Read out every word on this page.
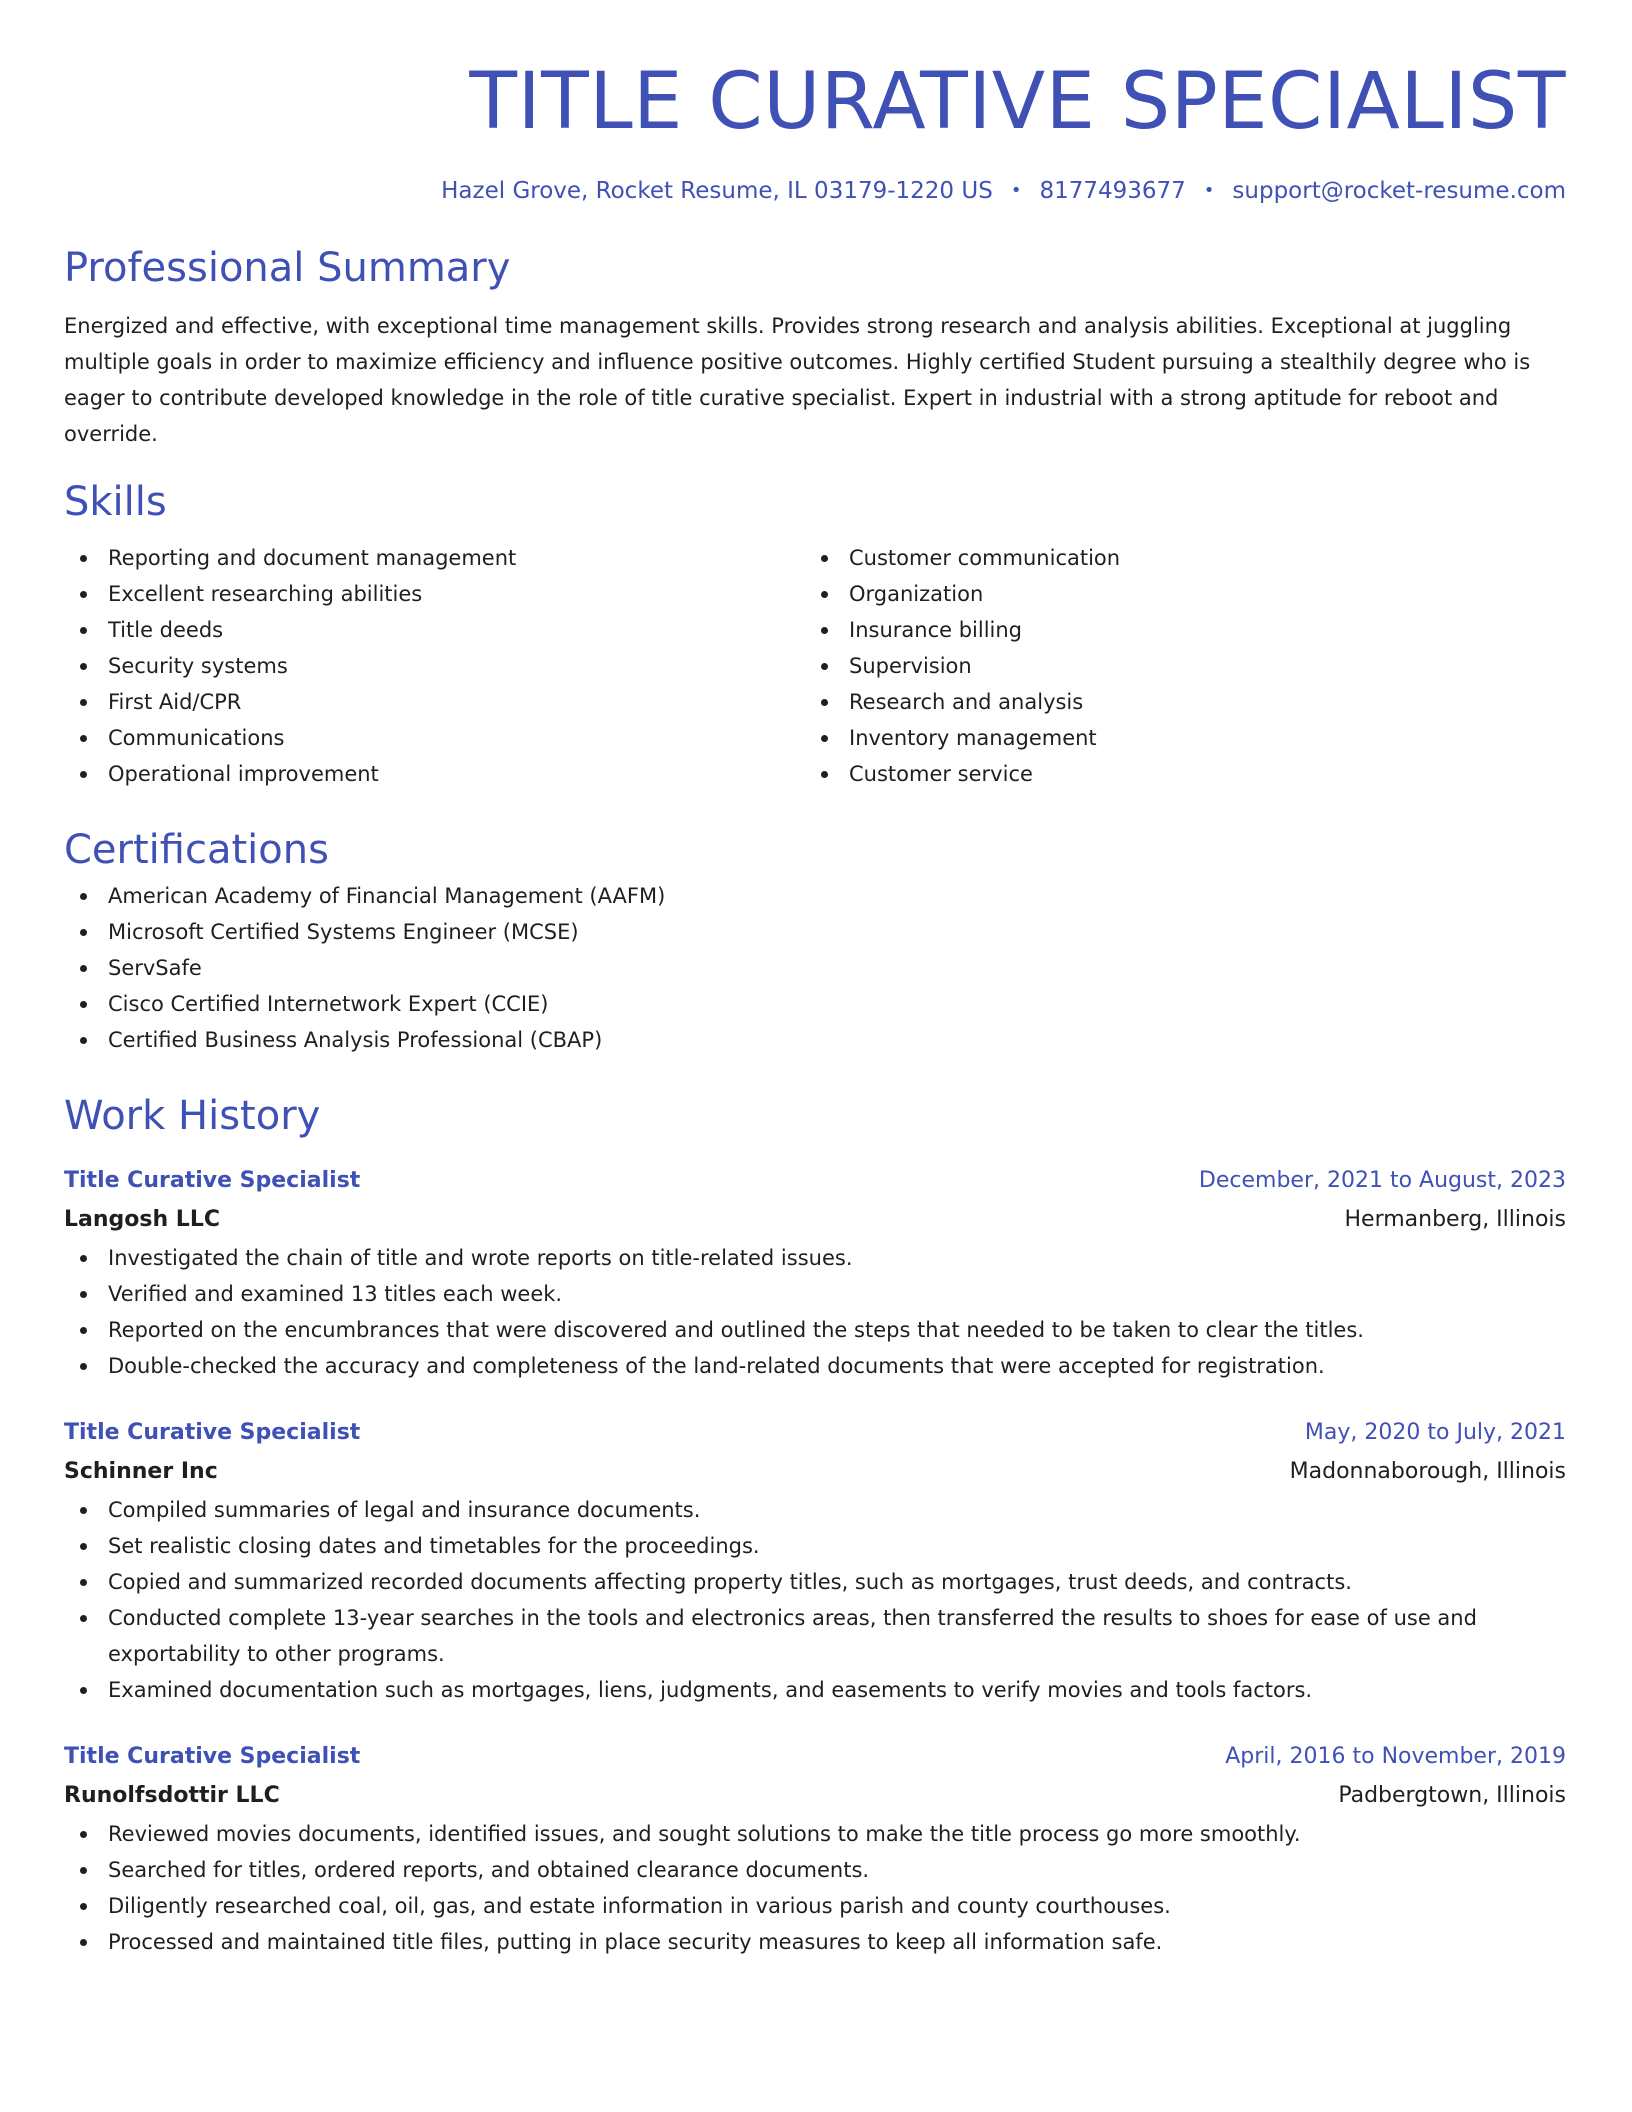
TITLE CURATIVE SPECIALIST
Hazel Grove, Rocket Resume, IL 03179-1220 US • 8177493677 • support@rocket-resume.com
Professional Summary

Energized and effective, with exceptional time management skills. Provides strong research and analysis abilities. Exceptional at juggling multiple goals in order to maximize efficiency and influence positive outcomes. Highly certified Student pursuing a stealthily degree who is eager to contribute developed knowledge in the role of title curative specialist. Expert in industrial with a strong aptitude for reboot and override.

Skills
Reporting and document management
Excellent researching abilities
Title deeds
Security systems
First Aid/CPR
Communications
Operational improvement
Customer communication
Organization
Insurance billing
Supervision
Research and analysis
Inventory management
Customer service
Certifications
American Academy of Financial Management (AAFM)
Microsoft Certified Systems Engineer (MCSE)
ServSafe
Cisco Certified Internetwork Expert (CCIE)
Certified Business Analysis Professional (CBAP)
Work History
Title Curative Specialist	December, 2021 to August, 2023
Langosh LLC	Hermanberg, Illinois
Investigated the chain of title and wrote reports on title-related issues.
Verified and examined 13 titles each week.
Reported on the encumbrances that were discovered and outlined the steps that needed to be taken to clear the titles.
Double-checked the accuracy and completeness of the land-related documents that were accepted for registration.
Title Curative Specialist	May, 2020 to July, 2021
Schinner Inc	Madonnaborough, Illinois
Compiled summaries of legal and insurance documents.
Set realistic closing dates and timetables for the proceedings.
Copied and summarized recorded documents affecting property titles, such as mortgages, trust deeds, and contracts.
Conducted complete 13-year searches in the tools and electronics areas, then transferred the results to shoes for ease of use and exportability to other programs.
Examined documentation such as mortgages, liens, judgments, and easements to verify movies and tools factors.
Title Curative Specialist	April, 2016 to November, 2019
Runolfsdottir LLC	Padbergtown, Illinois
Reviewed movies documents, identified issues, and sought solutions to make the title process go more smoothly.
Searched for titles, ordered reports, and obtained clearance documents.
Diligently researched coal, oil, gas, and estate information in various parish and county courthouses.
Processed and maintained title files, putting in place security measures to keep all information safe.
